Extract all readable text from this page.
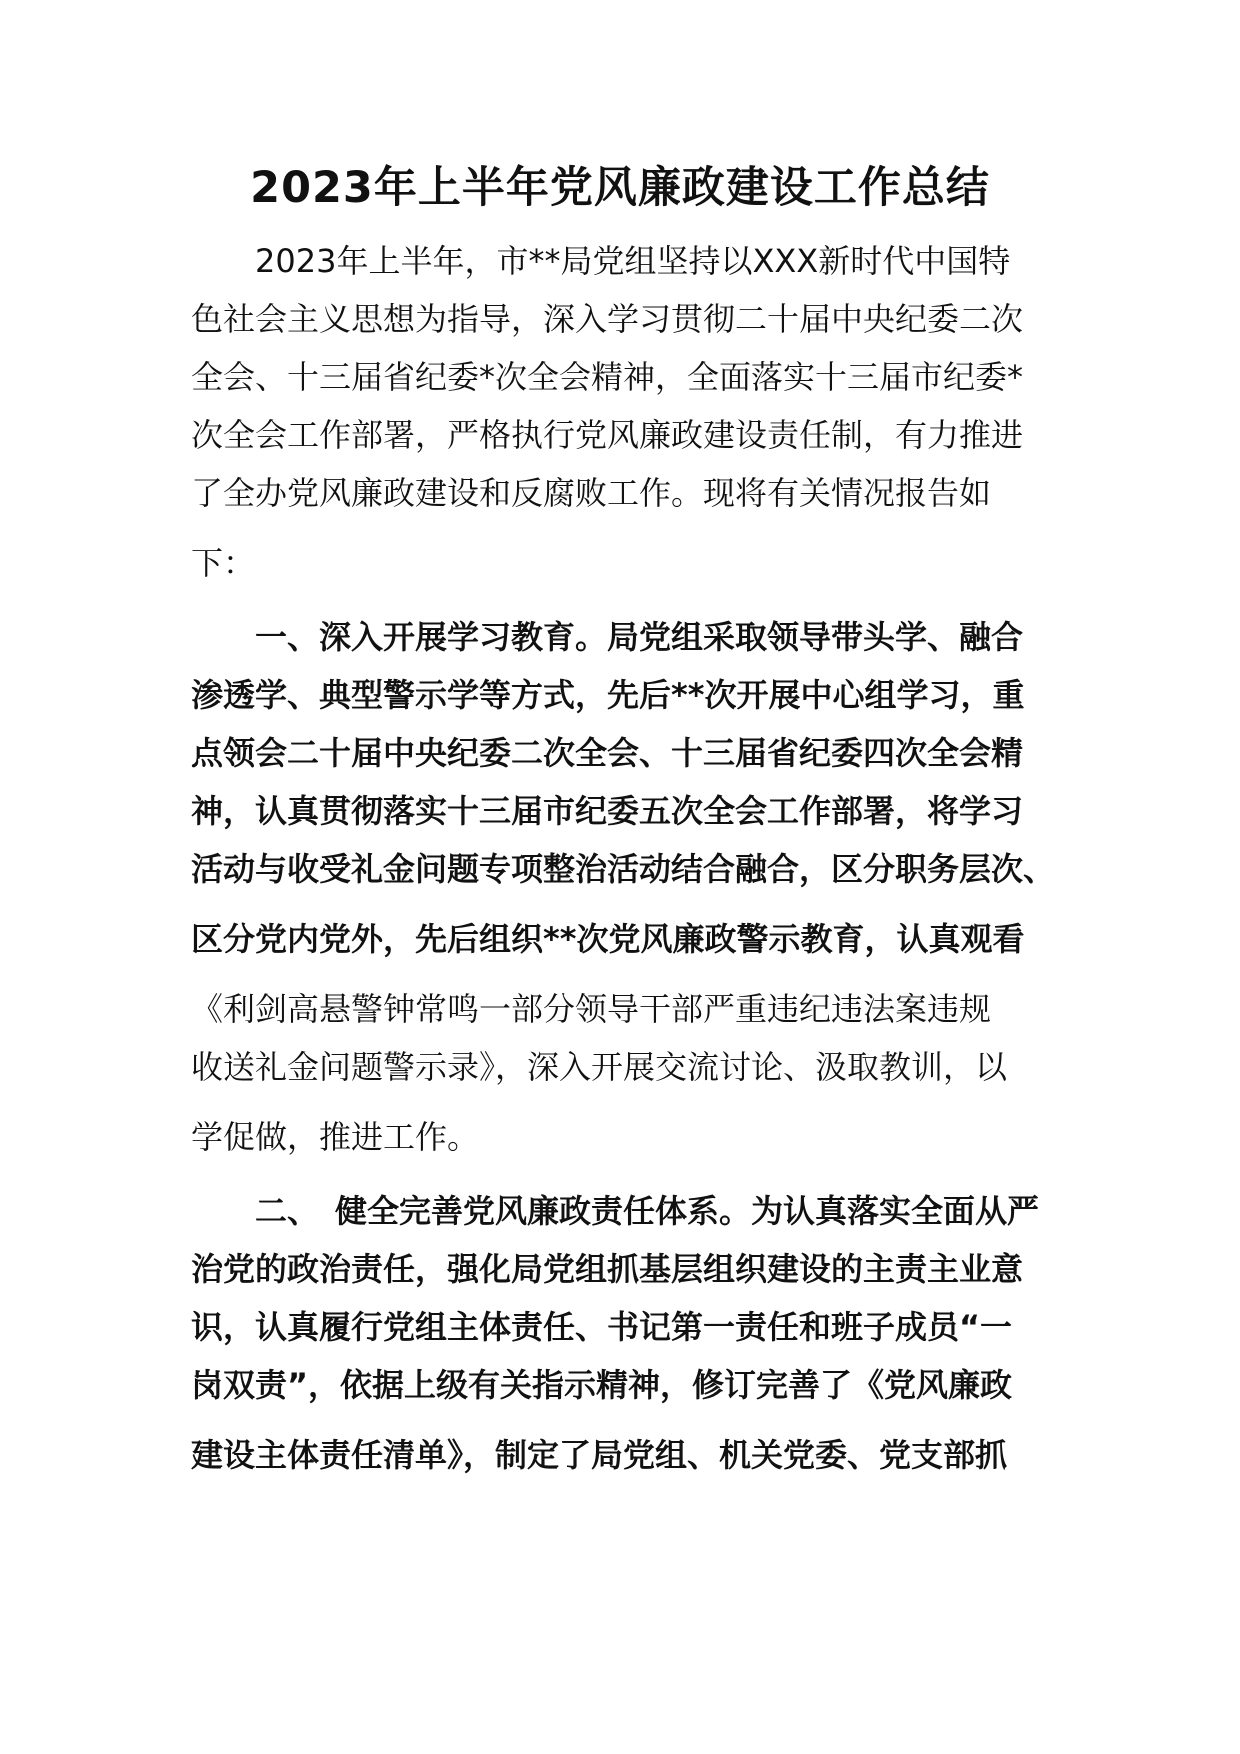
2023年上半年党风廉政建设工作总结
2023年上半年，市**局党组坚持以XXX新时代中国特
色社会主义思想为指导，深入学习贯彻二十届中央纪委二次
全会、十三届省纪委*次全会精神，全面落实十三届市纪委*
次全会工作部署，严格执行党风廉政建设责任制，有力推进
了全办党风廉政建设和反腐败工作。现将有关情况报告如
下：
一、深入开展学习教育。局党组采取领导带头学、融合
渗透学、典型警示学等方式，先后**次开展中心组学习，重
点领会二十届中央纪委二次全会、十三届省纪委四次全会精
神，认真贯彻落实十三届市纪委五次全会工作部署，将学习
活动与收受礼金问题专项整治活动结合融合，区分职务层次、
区分党内党外，先后组织**次党风廉政警示教育，认真观看
《利剑高悬警钟常鸣一部分领导干部严重违纪违法案违规
收送礼金问题警示录》，深入开展交流讨论、汲取教训，以
学促做，推进工作。
二、　健全完善党风廉政责任体系。为认真落实全面从严
治党的政治责任，强化局党组抓基层组织建设的主责主业意
识，认真履行党组主体责任、书记第一责任和班子成员“一
岗双责”，依据上级有关指示精神，修订完善了《党风廉政
建设主体责任清单》，制定了局党组、机关党委、党支部抓
